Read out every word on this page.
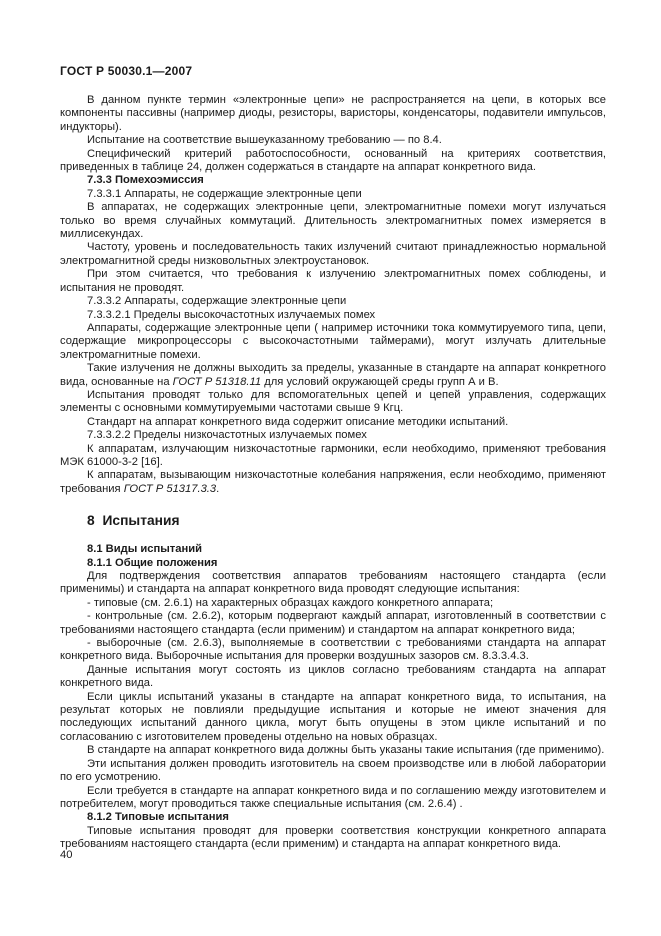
ГОСТ Р 50030.1—2007

В данном пункте термин «электронные цепи» не распространяется на цепи, в которых все компоненты пассивны (например диоды, резисторы, варисторы, конденсаторы, подавители импульсов, индукторы).

Испытание на соответствие вышеуказанному требованию — по 8.4.

Специфический критерий работоспособности, основанный на критериях соответствия, приведенных в таблице 24, должен содержаться в стандарте на аппарат конкретного вида.

7.3.3 Помехоэмиссия

7.3.3.1 Аппараты, не содержащие электронные цепи

В аппаратах, не содержащих электронные цепи, электромагнитные помехи могут излучаться только во время случайных коммутаций. Длительность электромагнитных помех измеряется в миллисекундах.

Частоту, уровень и последовательность таких излучений считают принадлежностью нормальной электромагнитной среды низковольтных электроустановок.

При этом считается, что требования к излучению электромагнитных помех соблюдены, и испытания не проводят.

7.3.3.2 Аппараты, содержащие электронные цепи

7.3.3.2.1 Пределы высокочастотных излучаемых помех

Аппараты, содержащие электронные цепи ( например источники тока коммутируемого типа, цепи, содержащие микропроцессоры с высокочастотными таймерами), могут излучать длительные электромагнитные помехи.

Такие излучения не должны выходить за пределы, указанные в стандарте на аппарат конкретного вида, основанные на ГОСТ Р 51318.11 для условий окружающей среды групп А и В.

Испытания проводят только для вспомогательных цепей и цепей управления, содержащих элементы с основными коммутируемыми частотами свыше 9 Кгц.

Стандарт на аппарат конкретного вида содержит описание методики испытаний.

7.3.3.2.2 Пределы низкочастотных излучаемых помех

К аппаратам, излучающим низкочастотные гармоники, если необходимо, применяют требования МЭК 61000-3-2 [16].

К аппаратам, вызывающим низкочастотные колебания напряжения, если необходимо, применяют требования ГОСТ Р 51317.3.3.

8 Испытания

8.1 Виды испытаний

8.1.1 Общие положения

Для подтверждения соответствия аппаратов требованиям настоящего стандарта (если применимы) и стандарта на аппарат конкретного вида проводят следующие испытания:

- типовые (см. 2.6.1) на характерных образцах каждого конкретного аппарата;

- контрольные (см. 2.6.2), которым подвергают каждый аппарат, изготовленный в соответствии с требованиями настоящего стандарта (если применим) и стандартом на аппарат конкретного вида;

- выборочные (см. 2.6.3), выполняемые в соответствии с требованиями стандарта на аппарат конкретного вида. Выборочные испытания для проверки воздушных зазоров см. 8.3.3.4.3.

Данные испытания могут состоять из циклов согласно требованиям стандарта на аппарат конкретного вида.

Если циклы испытаний указаны в стандарте на аппарат конкретного вида, то испытания, на результат которых не повлияли предыдущие испытания и которые не имеют значения для последующих испытаний данного цикла, могут быть опущены в этом цикле испытаний и по согласованию с изготовителем проведены отдельно на новых образцах.

В стандарте на аппарат конкретного вида должны быть указаны такие испытания (где применимо).

Эти испытания должен проводить изготовитель на своем производстве или в любой лаборатории по его усмотрению.

Если требуется в стандарте на аппарат конкретного вида и по соглашению между изготовителем и потребителем, могут проводиться также специальные испытания (см. 2.6.4) .

8.1.2 Типовые испытания

Типовые испытания проводят для проверки соответствия конструкции конкретного аппарата требованиям настоящего стандарта (если применим) и стандарта на аппарат конкретного вида.

40
